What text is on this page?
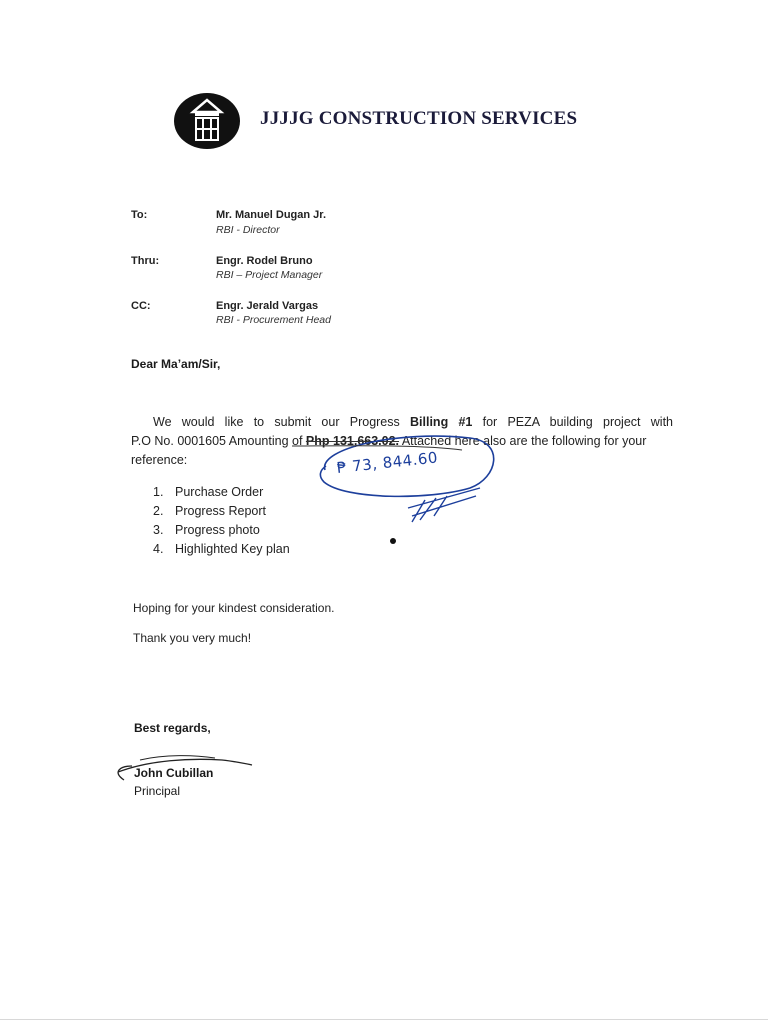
JJJJG CONSTRUCTION SERVICES
To:	Mr. Manuel Dugan Jr.
RBI - Director
Thru:	Engr. Rodel Bruno
RBI – Project Manager
CC:	Engr. Jerald Vargas
RBI - Procurement Head
Dear Ma’am/Sir,
We would like to submit our Progress Billing #1 for PEZA building project with
P.O No. 0001605 Amounting of Php 131,663.02. Attached here also are the following for your
reference:
1. Purchase Order
2. Progress Report
3. Progress photo
4. Highlighted Key plan
₱ 73, 844.60
Hoping for your kindest consideration.
Thank you very much!
Best regards,
John Cubillan
Principal
